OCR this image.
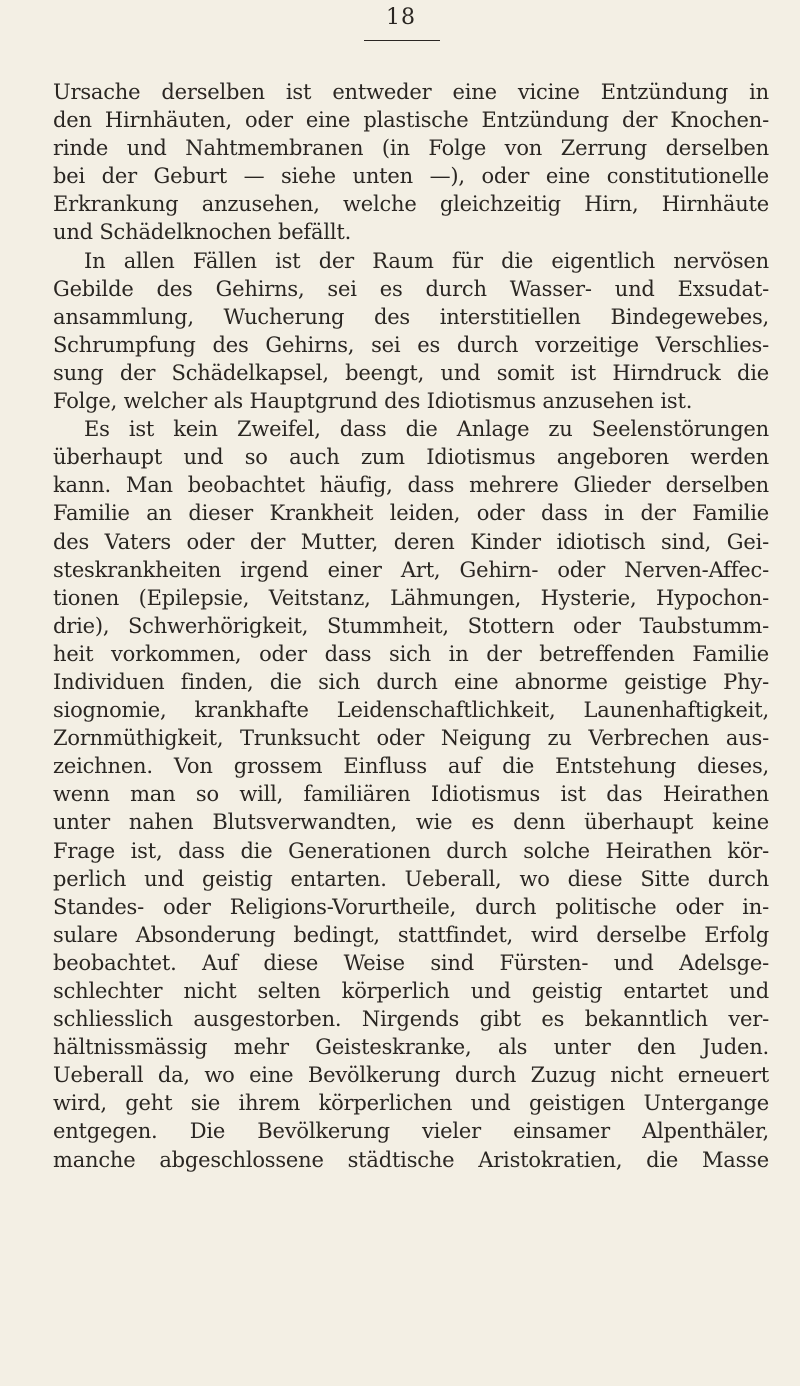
18
Ursache derselben ist entweder eine vicine Entzündung in
den Hirnhäuten, oder eine plastische Entzündung der Knochen-
rinde und Nahtmembranen (in Folge von Zerrung derselben
bei der Geburt — siehe unten —), oder eine constitutionelle
Erkrankung anzusehen, welche gleichzeitig Hirn, Hirnhäute
und Schädelknochen befällt.
In allen Fällen ist der Raum für die eigentlich nervösen
Gebilde des Gehirns, sei es durch Wasser- und Exsudat-
ansammlung, Wucherung des interstitiellen Bindegewebes,
Schrumpfung des Gehirns, sei es durch vorzeitige Verschlies-
sung der Schädelkapsel, beengt, und somit ist Hirndruck die
Folge, welcher als Hauptgrund des Idiotismus anzusehen ist.
Es ist kein Zweifel, dass die Anlage zu Seelenstörungen
überhaupt und so auch zum Idiotismus angeboren werden
kann. Man beobachtet häufig, dass mehrere Glieder derselben
Familie an dieser Krankheit leiden, oder dass in der Familie
des Vaters oder der Mutter, deren Kinder idiotisch sind, Gei-
steskrankheiten irgend einer Art, Gehirn- oder Nerven-Affec-
tionen (Epilepsie, Veitstanz, Lähmungen, Hysterie, Hypochon-
drie), Schwerhörigkeit, Stummheit, Stottern oder Taubstumm-
heit vorkommen, oder dass sich in der betreffenden Familie
Individuen finden, die sich durch eine abnorme geistige Phy-
siognomie, krankhafte Leidenschaftlichkeit, Launenhaftigkeit,
Zornmüthigkeit, Trunksucht oder Neigung zu Verbrechen aus-
zeichnen. Von grossem Einfluss auf die Entstehung dieses,
wenn man so will, familiären Idiotismus ist das Heirathen
unter nahen Blutsverwandten, wie es denn überhaupt keine
Frage ist, dass die Generationen durch solche Heirathen kör-
perlich und geistig entarten. Ueberall, wo diese Sitte durch
Standes- oder Religions-Vorurtheile, durch politische oder in-
sulare Absonderung bedingt, stattfindet, wird derselbe Erfolg
beobachtet. Auf diese Weise sind Fürsten- und Adelsge-
schlechter nicht selten körperlich und geistig entartet und
schliesslich ausgestorben. Nirgends gibt es bekanntlich ver-
hältnissmässig mehr Geisteskranke, als unter den Juden.
Ueberall da, wo eine Bevölkerung durch Zuzug nicht erneuert
wird, geht sie ihrem körperlichen und geistigen Untergange
entgegen. Die Bevölkerung vieler einsamer Alpenthäler,
manche abgeschlossene städtische Aristokratien, die Masse
